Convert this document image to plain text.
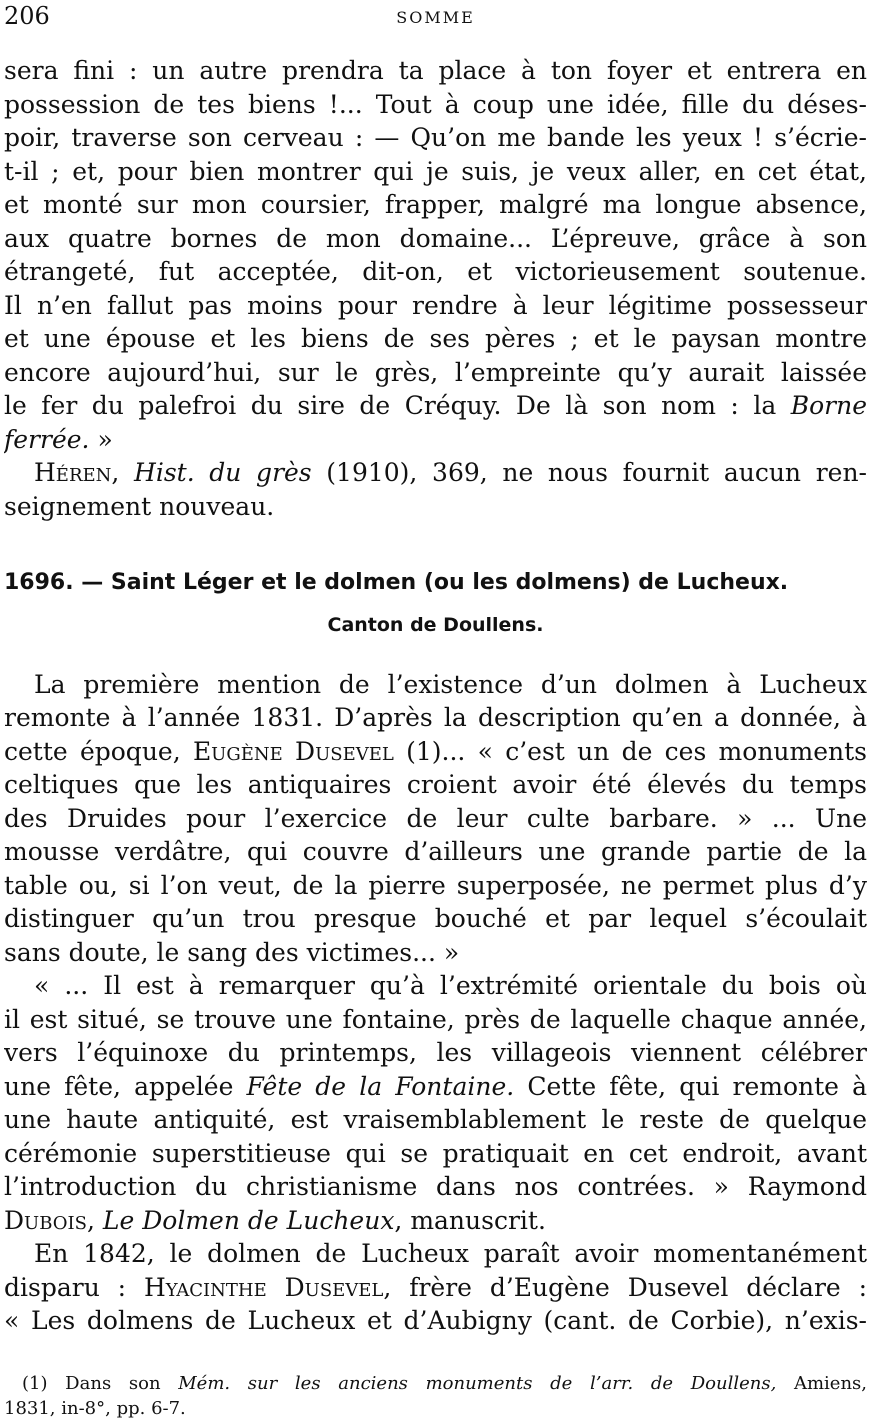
206	SOMME
sera fini : un autre prendra ta place à ton foyer et entrera en
possession de tes biens !... Tout à coup une idée, fille du déses-
poir, traverse son cerveau : — Qu’on me bande les yeux ! s’écrie-
t-il ; et, pour bien montrer qui je suis, je veux aller, en cet état,
et monté sur mon coursier, frapper, malgré ma longue absence,
aux quatre bornes de mon domaine... L’épreuve, grâce à son
étrangeté, fut acceptée, dit-on, et victorieusement soutenue.
Il n’en fallut pas moins pour rendre à leur légitime possesseur
et une épouse et les biens de ses pères ; et le paysan montre
encore aujourd’hui, sur le grès, l’empreinte qu’y aurait laissée
le fer du palefroi du sire de Créquy. De là son nom : la Borne
ferrée. »
Héren, Hist. du grès (1910), 369, ne nous fournit aucun ren-
seignement nouveau.
1696. — Saint Léger et le dolmen (ou les dolmens) de Lucheux.
Canton de Doullens.
La première mention de l’existence d’un dolmen à Lucheux
remonte à l’année 1831. D’après la description qu’en a donnée, à
cette époque, Eugène Dusevel (1)... « c’est un de ces monuments
celtiques que les antiquaires croient avoir été élevés du temps
des Druides pour l’exercice de leur culte barbare. » ... Une
mousse verdâtre, qui couvre d’ailleurs une grande partie de la
table ou, si l’on veut, de la pierre superposée, ne permet plus d’y
distinguer qu’un trou presque bouché et par lequel s’écoulait
sans doute, le sang des victimes... »
« ... Il est à remarquer qu’à l’extrémité orientale du bois où
il est situé, se trouve une fontaine, près de laquelle chaque année,
vers l’équinoxe du printemps, les villageois viennent célébrer
une fête, appelée Fête de la Fontaine. Cette fête, qui remonte à
une haute antiquité, est vraisemblablement le reste de quelque
cérémonie superstitieuse qui se pratiquait en cet endroit, avant
l’introduction du christianisme dans nos contrées. » Raymond
Dubois, Le Dolmen de Lucheux, manuscrit.
En 1842, le dolmen de Lucheux paraît avoir momentanément
disparu : Hyacinthe Dusevel, frère d’Eugène Dusevel déclare :
« Les dolmens de Lucheux et d’Aubigny (cant. de Corbie), n’exis-
(1) Dans son Mém. sur les anciens monuments de l’arr. de Doullens, Amiens,
1831, in-8°, pp. 6-7.
